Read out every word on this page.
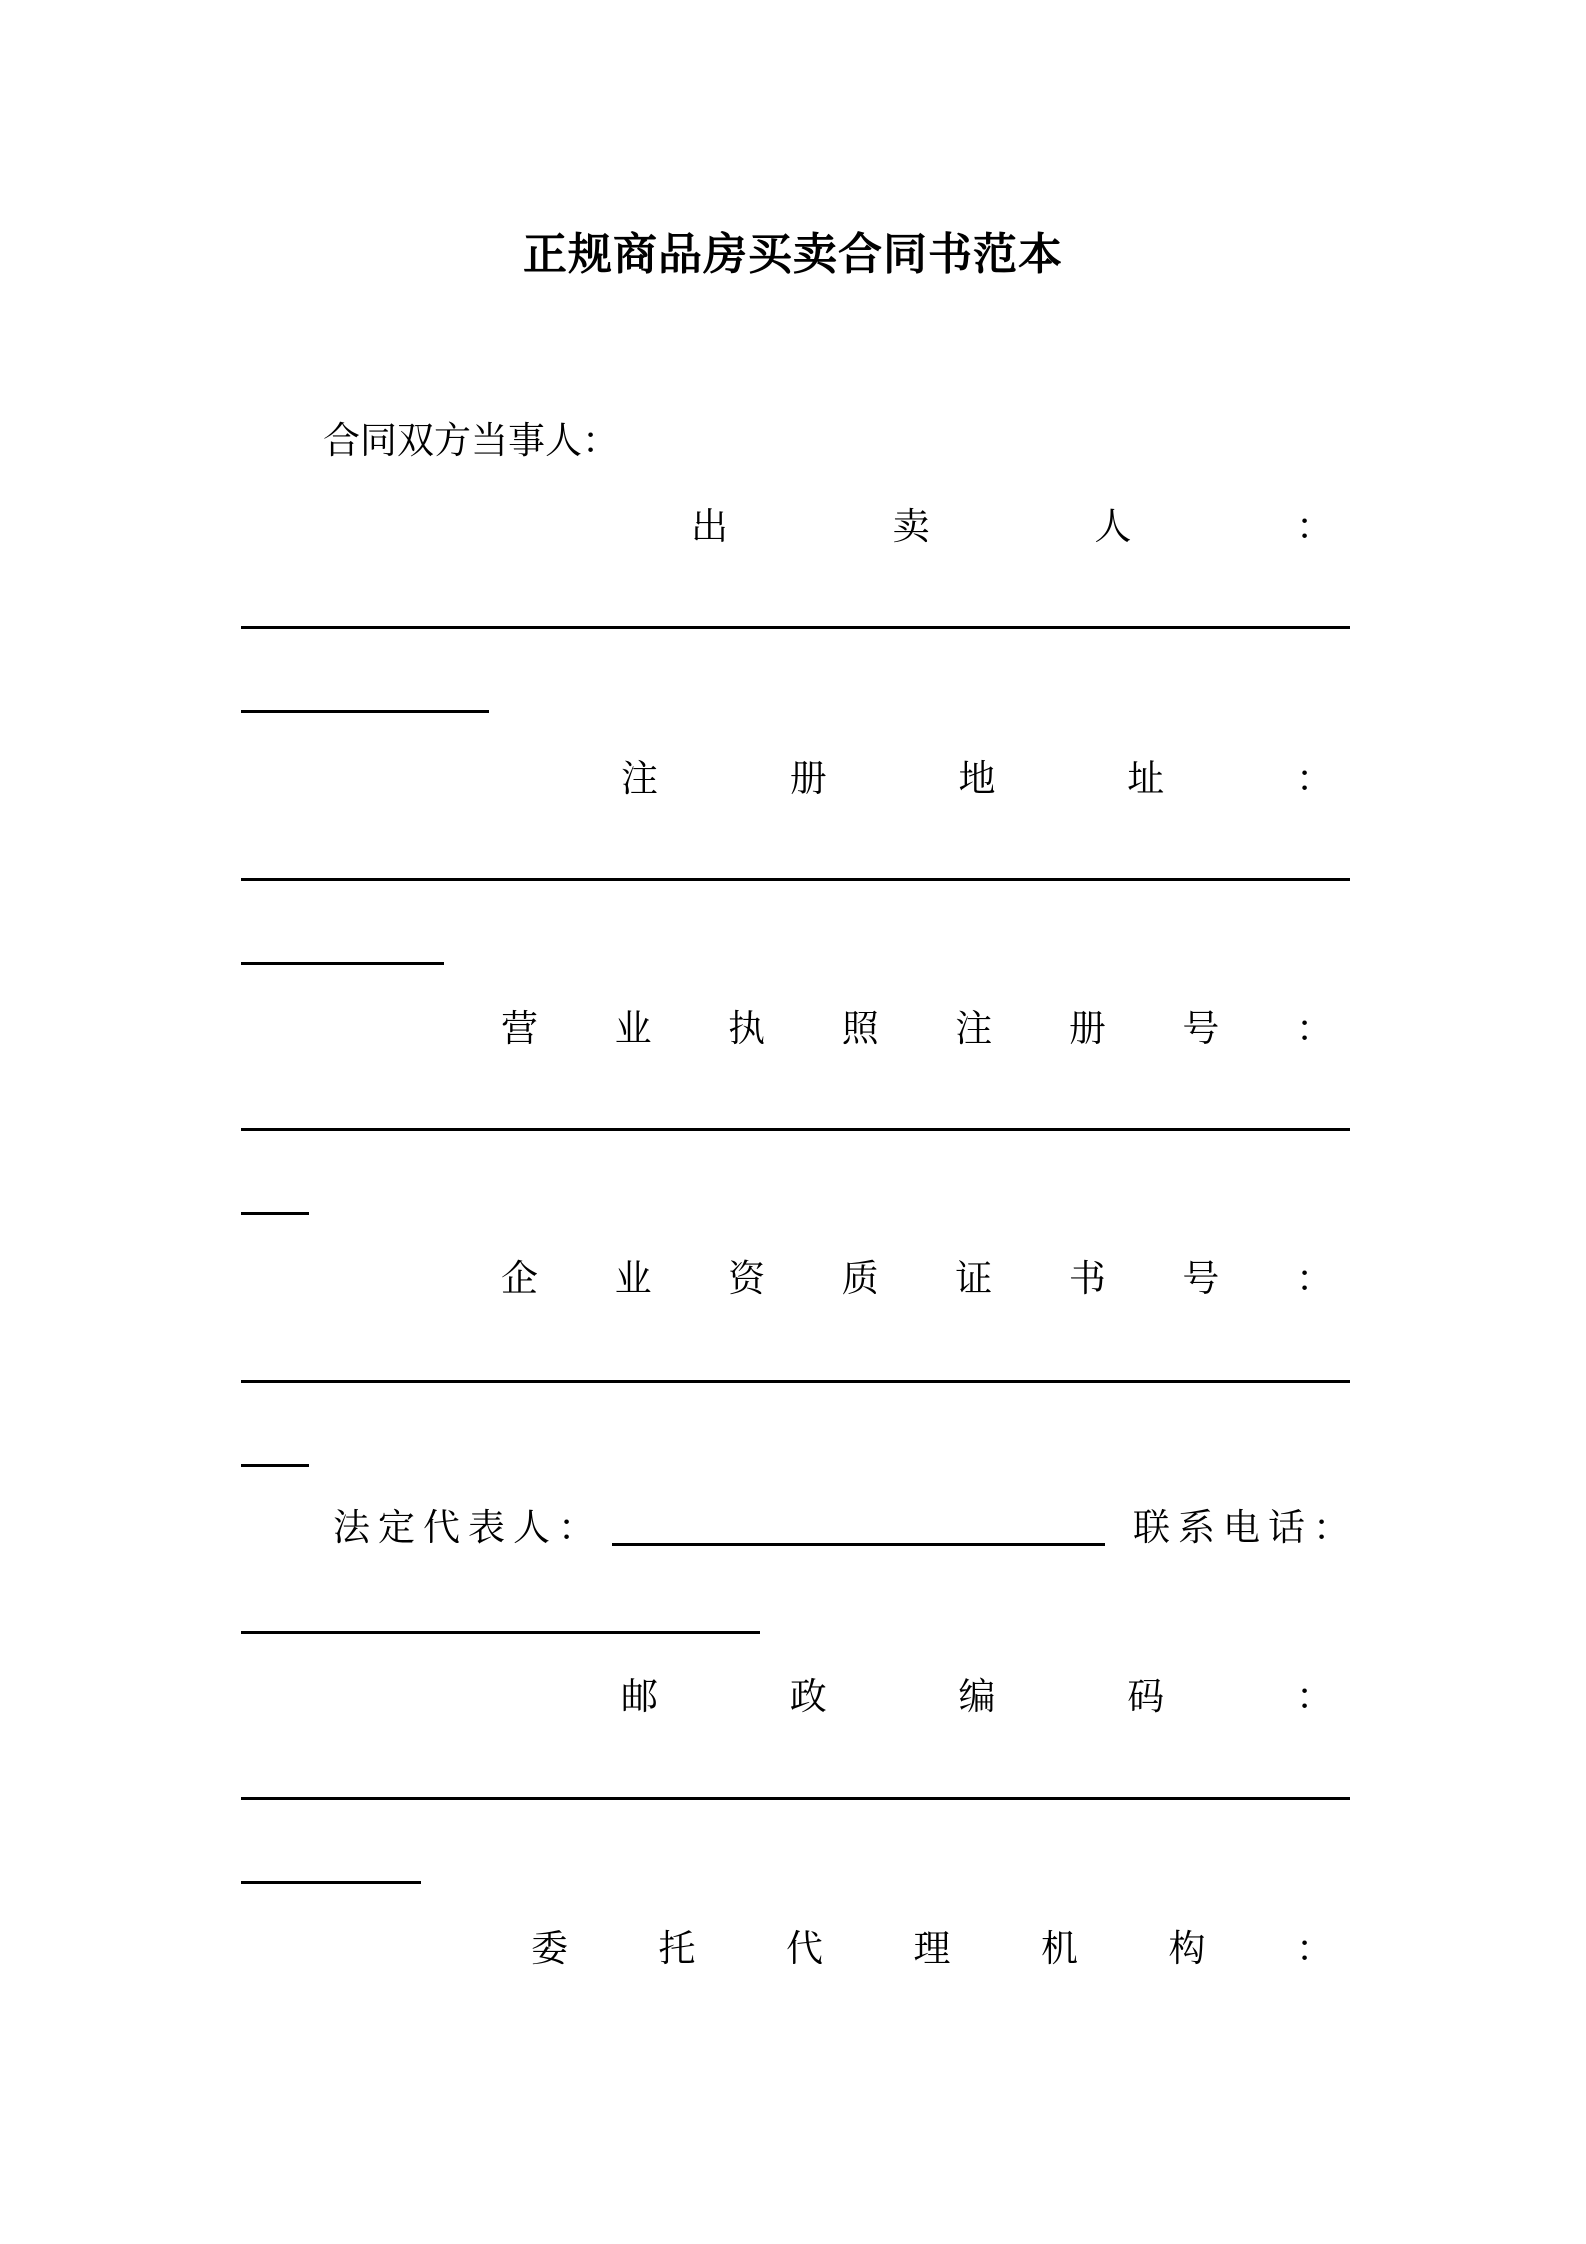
正规商品房买卖合同书范本
合同双方当事人：
出	卖	人	：
注	册	地	址	：
营 业 执 照 注 册 号 ：
企 业 资 质 证 书 号 ：
法定代表人：	联系电话：
邮	政	编	码	：
委 托 代 理 机 构 ：
